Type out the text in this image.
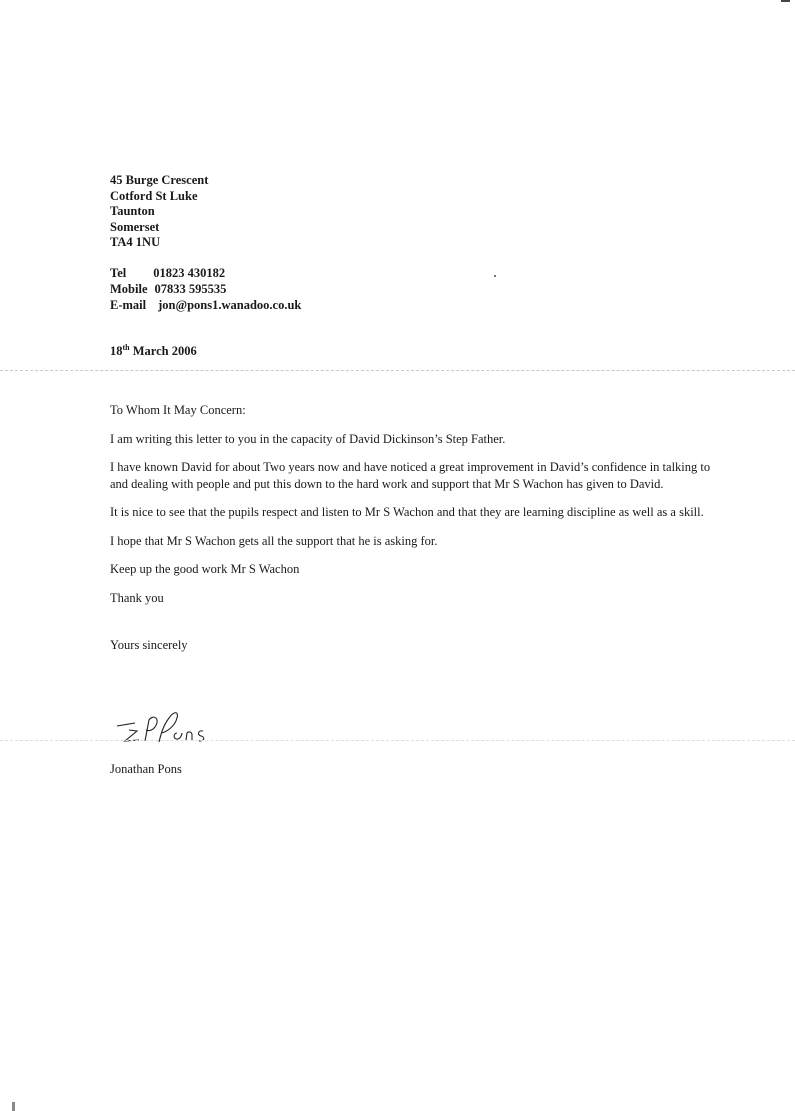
45 Burge Crescent
Cotford St Luke
Taunton
Somerset
TA4 1NU
Tel 01823 430182
Mobile 07833 595535
E-mail jon@pons1.wanadoo.co.uk
18th March 2006

To Whom It May Concern:

I am writing this letter to you in the capacity of David Dickinson’s Step Father.

I have known David for about Two years now and have noticed a great improvement in David’s confidence in talking to and dealing with people and put this down to the hard work and support that Mr S Wachon has given to David.

It is nice to see that the pupils respect and listen to Mr S Wachon and that they are learning discipline as well as a skill.

I hope that Mr S Wachon gets all the support that he is asking for.

Keep up the good work Mr S Wachon

Thank you

Yours sincerely

Jonathan Pons
